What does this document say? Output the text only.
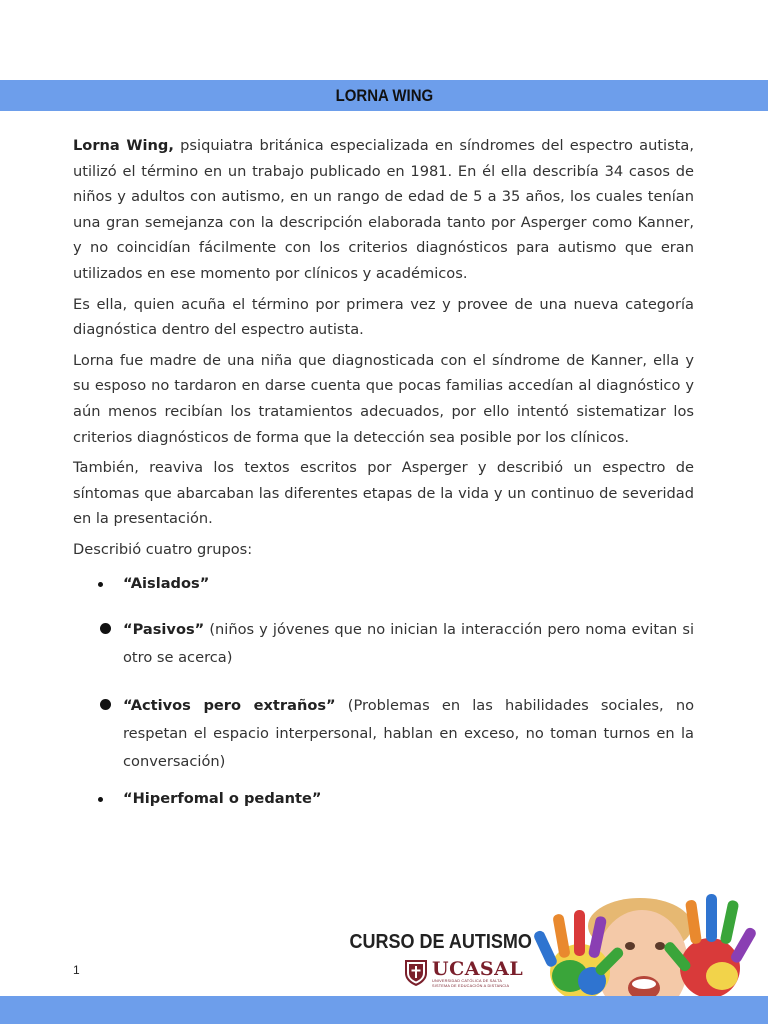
LORNA WING

Lorna Wing, psiquiatra británica especializada en síndromes del espectro autista, utilizó el término en un trabajo publicado en 1981. En él ella describía 34 casos de niños y adultos con autismo, en un rango de edad de 5 a 35 años, los cuales tenían una gran semejanza con la descripción elaborada tanto por Asperger como Kanner, y no coincidían fácilmente con los criterios diagnósticos para autismo que eran utilizados en ese momento por clínicos y académicos.

Es ella, quien acuña el término por primera vez y provee de una nueva categoría diagnóstica dentro del espectro autista.

Lorna fue madre de una niña que diagnosticada con el síndrome de Kanner, ella y su esposo no tardaron en darse cuenta que pocas familias accedían al diagnóstico y aún menos recibían los tratamientos adecuados, por ello intentó sistematizar los criterios diagnósticos de forma que la detección sea posible por los clínicos.

También, reaviva los textos escritos por Asperger y describió un espectro de síntomas que abarcaban las diferentes etapas de la vida y un continuo de severidad en la presentación.

Describió cuatro grupos:

“Aislados”
“Pasivos” (niños y jóvenes que no inician la interacción pero noma evitan si otro se acerca)
“Activos pero extraños” (Problemas en las habilidades sociales, no respetan el espacio interpersonal, hablan en exceso, no toman turnos en la conversación)
“Hiperfomal o pedante”
1
CURSO DE AUTISMO
UCASAL
UNIVERSIDAD CATÓLICA DE SALTA
SISTEMA DE EDUCACIÓN A DISTANCIA
